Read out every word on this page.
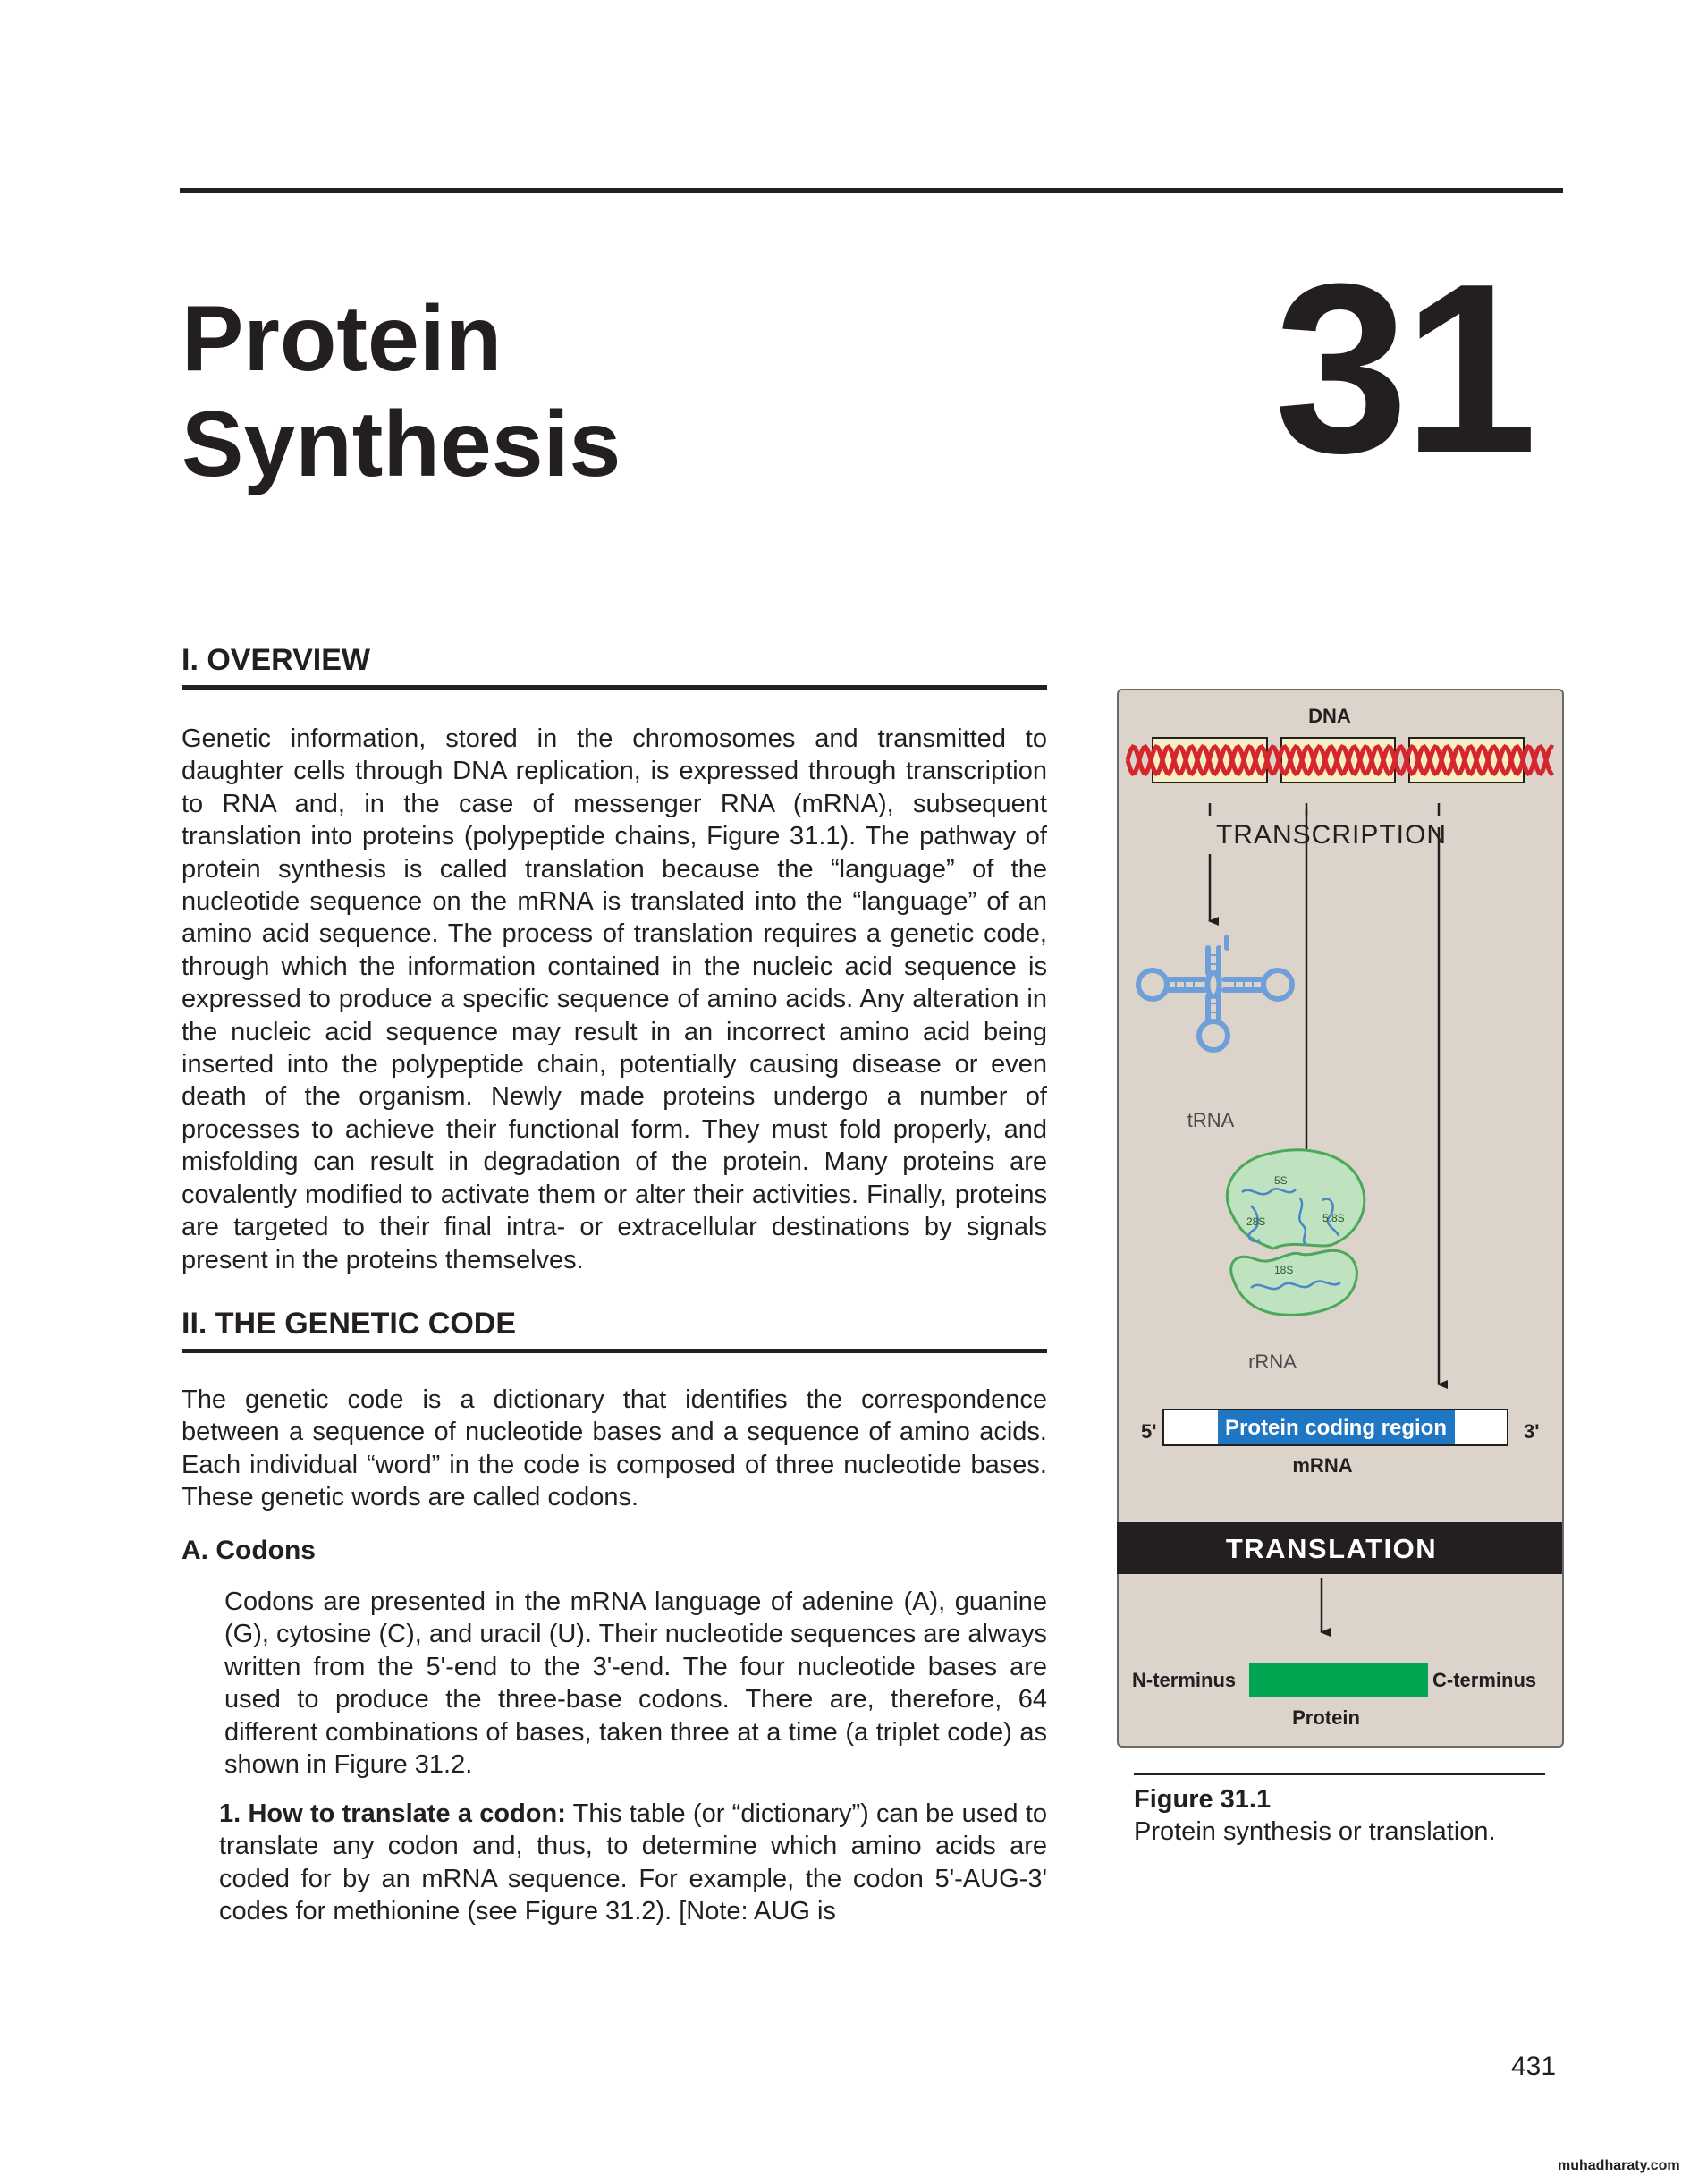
Protein
Synthesis	31
I. OVERVIEW

Genetic information, stored in the chromosomes and transmitted to daughter cells through DNA replication, is expressed through transcription to RNA and, in the case of messenger RNA (mRNA), subsequent translation into proteins (polypeptide chains, Figure 31.1). The pathway of protein synthesis is called translation because the “language” of the nucleotide sequence on the mRNA is translated into the “language” of an amino acid sequence. The process of translation requires a genetic code, through which the information contained in the nucleic acid sequence is expressed to produce a specific sequence of amino acids. Any alteration in the nucleic acid sequence may result in an incorrect amino acid being inserted into the polypeptide chain, potentially causing disease or even death of the organism. Newly made proteins undergo a number of processes to achieve their functional form. They must fold properly, and misfolding can result in degradation of the protein. Many proteins are covalently modified to activate them or alter their activities. Finally, proteins are targeted to their final intra- or extracellular destinations by signals present in the proteins themselves.

II. THE GENETIC CODE

The genetic code is a dictionary that identifies the correspondence between a sequence of nucleotide bases and a sequence of amino acids. Each individual “word” in the code is composed of three nucleotide bases. These genetic words are called codons.

A. Codons

Codons are presented in the mRNA language of adenine (A), guanine (G), cytosine (C), and uracil (U). Their nucleotide sequences are always written from the 5'-end to the 3'-end. The four nucleotide bases are used to produce the three-base codons. There are, therefore, 64 different combinations of bases, taken three at a time (a triplet code) as shown in Figure 31.2.

1. How to translate a codon: This table (or “dictionary”) can be used to translate any codon and, thus, to determine which amino acids are coded for by an mRNA sequence. For example, the codon 5'-AUG-3' codes for methionine (see Figure 31.2). [Note: AUG is

DNA
TRANSCRIPTION
tRNA
28S
5S
5.8S
18S
rRNA
5'	Protein coding region	3'
mRNA
TRANSLATION
N-terminus	C-terminus
Protein
Figure 31.1
Protein synthesis or translation.
431
muhadharaty.com
